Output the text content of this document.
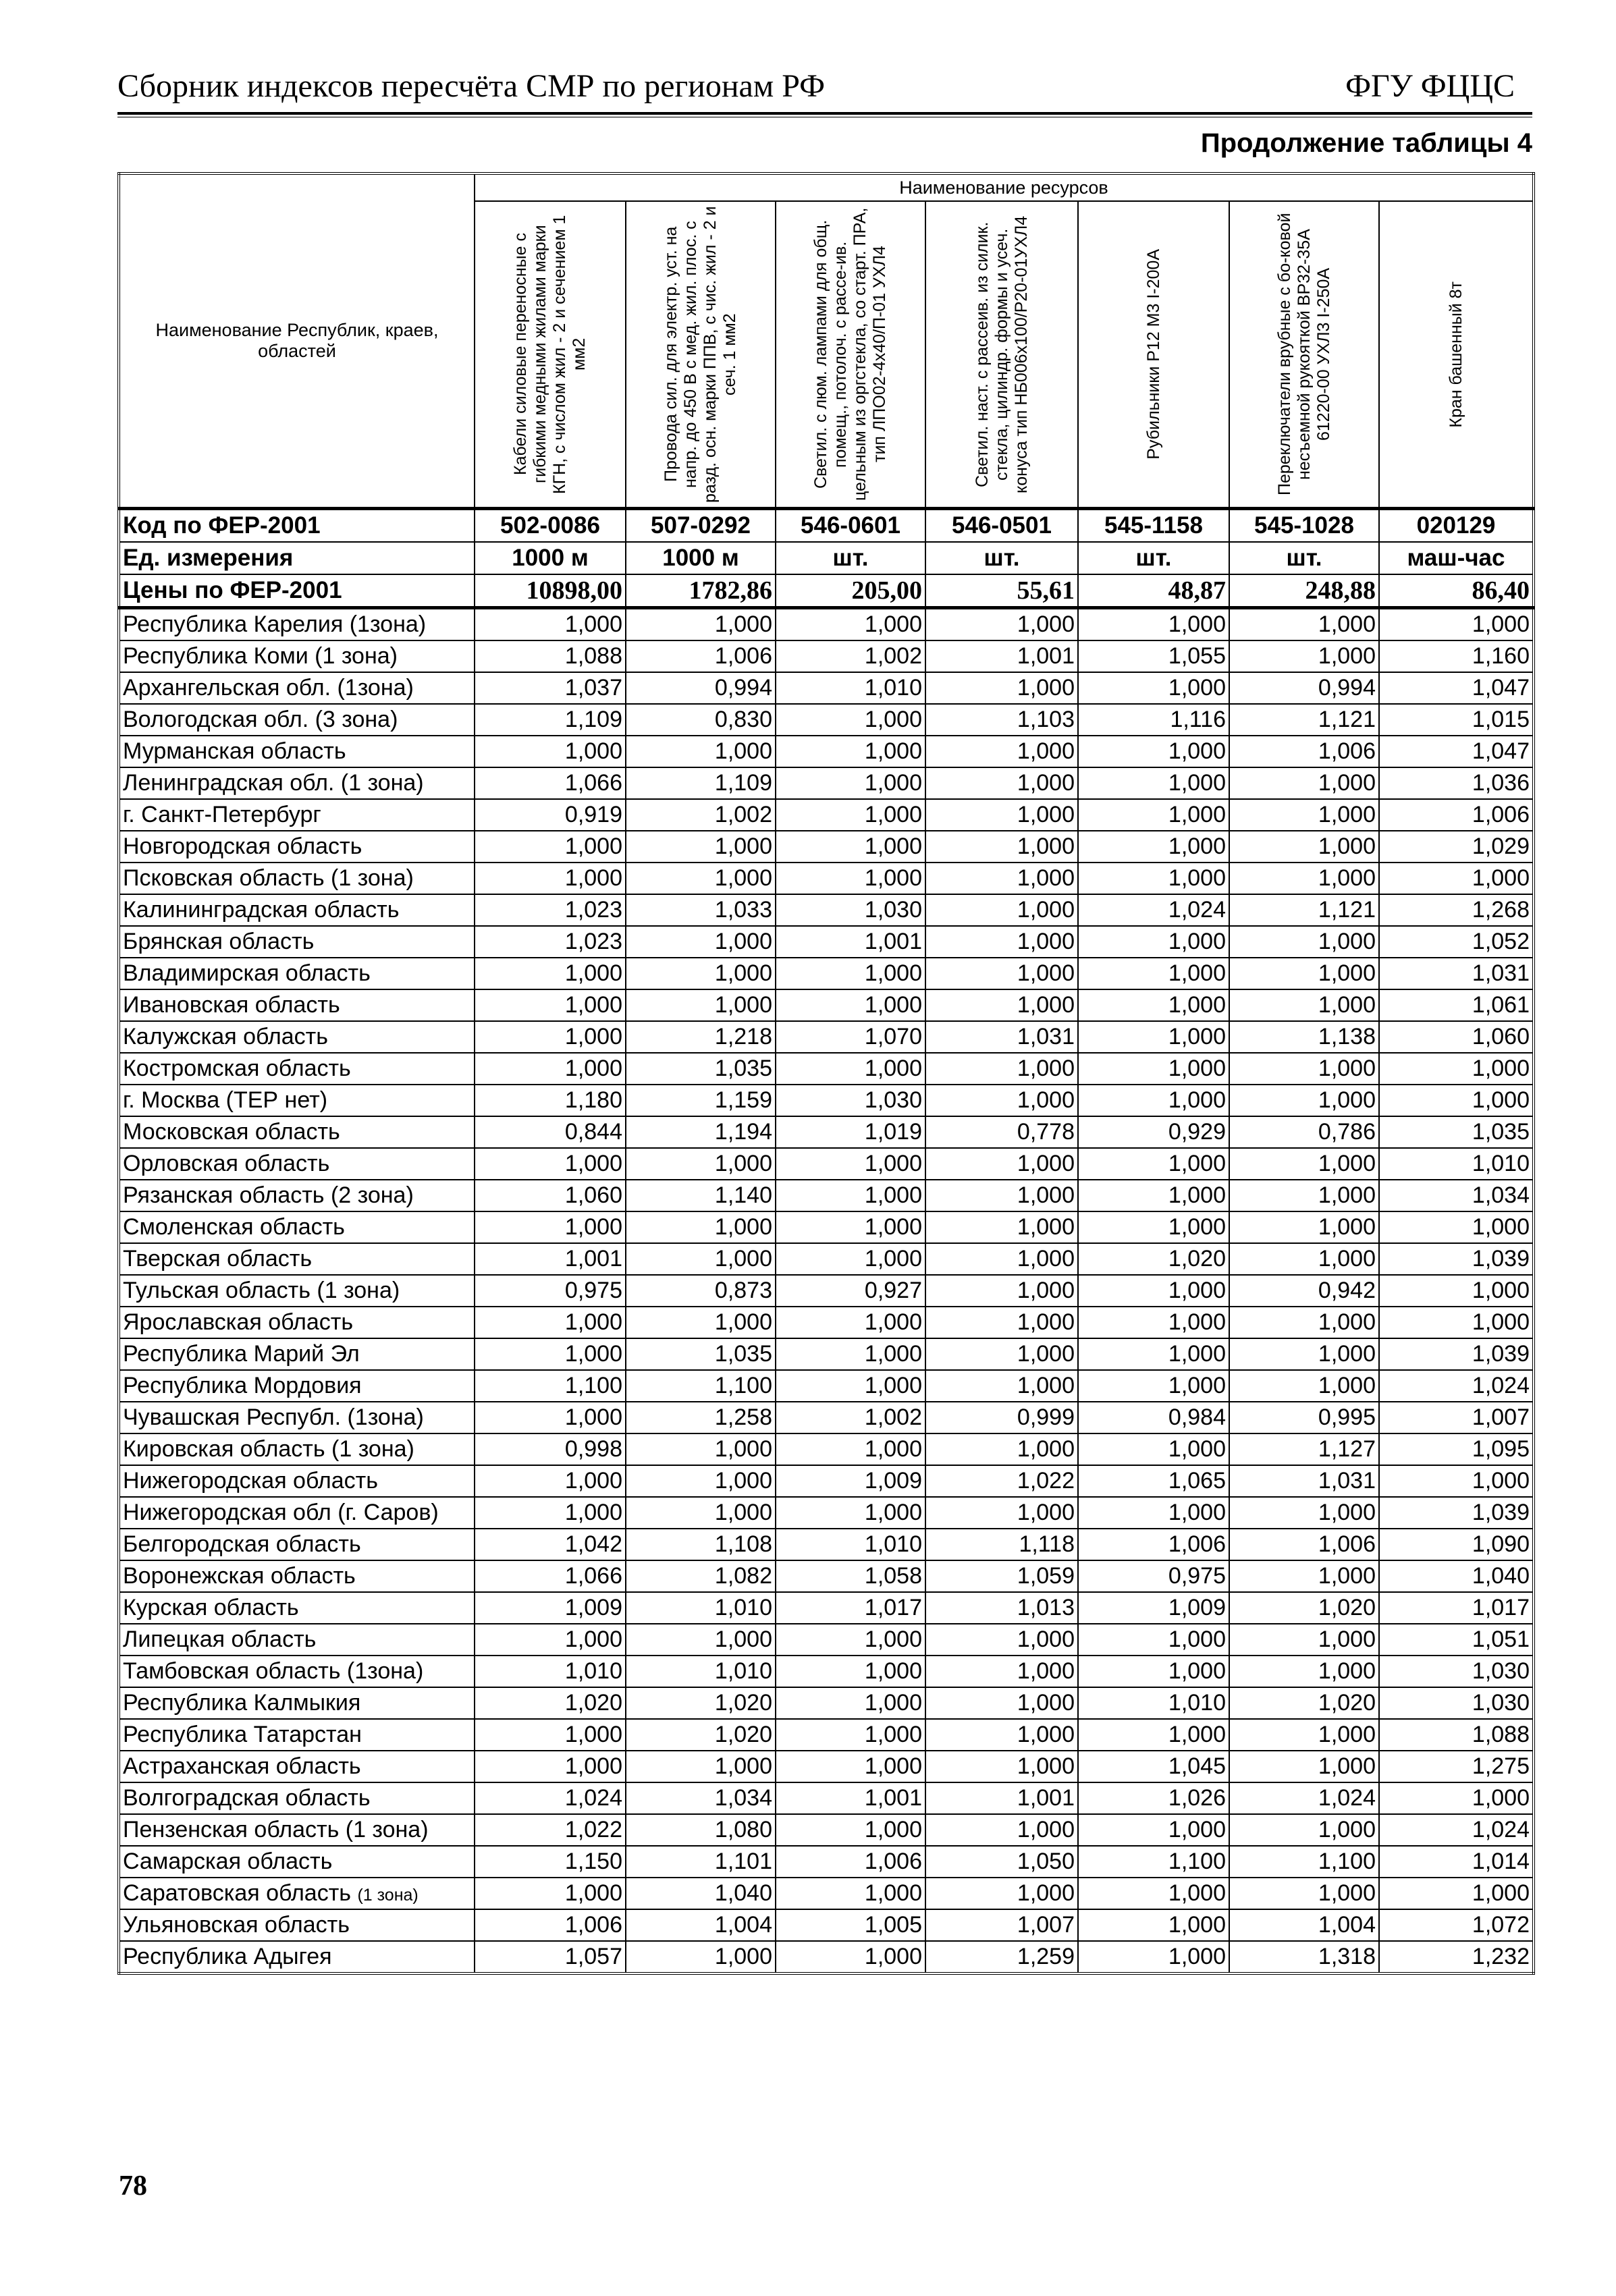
Сборник индексов пересчёта СМР по регионам РФ	ФГУ ФЦЦС
Продолжение таблицы 4
Наименование Республик, краев, областей	Наименование ресурсов						

	Кабели силовые переносные с гибкими медными жилами марки КГН, с числом жил - 2 и сечением 1 мм2	Провода сил. для электр. уст. на напр. до 450 В с мед. жил. плос. с разд. осн. марки ППВ, с чис. жил - 2 и сеч. 1 мм2	Светил. с люм. лампами для общ. помещ., потолоч. с рассе-ив. цельным из оргстекла, со старт. ПРА, тип ЛПО02-4х40/П-01 УХЛ4	Светил. наст. с рассеив. из силик. стекла, цилиндр. формы и усеч. конуса тип НБ006х100/Р20-01УХЛ4	Рубильники Р12 М3 I-200А	Переключатели врубные с бо-ковой несъемной рукояткой ВР32-35А 61220-00 УХЛ3 I-250А	Кран башенный 8т

Код по ФЕР-2001	502-0086	507-0292	546-0601	546-0501	545-1158	545-1028	020129
Ед. измерения	1000 м	1000 м	шт.	шт.	шт.	шт.	маш-час
Цены по ФЕР-2001	10898,00	1782,86	205,00	55,61	48,87	248,88	86,40
Республика Карелия (1зона)	1,000	1,000	1,000	1,000	1,000	1,000	1,000
Республика Коми (1 зона)	1,088	1,006	1,002	1,001	1,055	1,000	1,160
Архангельская обл. (1зона)	1,037	0,994	1,010	1,000	1,000	0,994	1,047
Вологодская обл. (3 зона)	1,109	0,830	1,000	1,103	1,116	1,121	1,015
Мурманская область	1,000	1,000	1,000	1,000	1,000	1,006	1,047
Ленинградская обл. (1 зона)	1,066	1,109	1,000	1,000	1,000	1,000	1,036
г. Санкт-Петербург	0,919	1,002	1,000	1,000	1,000	1,000	1,006
Новгородская область	1,000	1,000	1,000	1,000	1,000	1,000	1,029
Псковская область (1 зона)	1,000	1,000	1,000	1,000	1,000	1,000	1,000
Калининградская область	1,023	1,033	1,030	1,000	1,024	1,121	1,268
Брянская область	1,023	1,000	1,001	1,000	1,000	1,000	1,052
Владимирская область	1,000	1,000	1,000	1,000	1,000	1,000	1,031
Ивановская область	1,000	1,000	1,000	1,000	1,000	1,000	1,061
Калужская область	1,000	1,218	1,070	1,031	1,000	1,138	1,060
Костромская область	1,000	1,035	1,000	1,000	1,000	1,000	1,000
г. Москва (ТЕР нет)	1,180	1,159	1,030	1,000	1,000	1,000	1,000
Московская область	0,844	1,194	1,019	0,778	0,929	0,786	1,035
Орловская область	1,000	1,000	1,000	1,000	1,000	1,000	1,010
Рязанская область (2 зона)	1,060	1,140	1,000	1,000	1,000	1,000	1,034
Смоленская область	1,000	1,000	1,000	1,000	1,000	1,000	1,000
Тверская область	1,001	1,000	1,000	1,000	1,020	1,000	1,039
Тульская область (1 зона)	0,975	0,873	0,927	1,000	1,000	0,942	1,000
Ярославская область	1,000	1,000	1,000	1,000	1,000	1,000	1,000
Республика Марий Эл	1,000	1,035	1,000	1,000	1,000	1,000	1,039
Республика Мордовия	1,100	1,100	1,000	1,000	1,000	1,000	1,024
Чувашская Республ. (1зона)	1,000	1,258	1,002	0,999	0,984	0,995	1,007
Кировская область (1 зона)	0,998	1,000	1,000	1,000	1,000	1,127	1,095
Нижегородская область	1,000	1,000	1,009	1,022	1,065	1,031	1,000
Нижегородская обл (г. Саров)	1,000	1,000	1,000	1,000	1,000	1,000	1,039
Белгородская область	1,042	1,108	1,010	1,118	1,006	1,006	1,090
Воронежская область	1,066	1,082	1,058	1,059	0,975	1,000	1,040
Курская область	1,009	1,010	1,017	1,013	1,009	1,020	1,017
Липецкая область	1,000	1,000	1,000	1,000	1,000	1,000	1,051
Тамбовская область (1зона)	1,010	1,010	1,000	1,000	1,000	1,000	1,030
Республика Калмыкия	1,020	1,020	1,000	1,000	1,010	1,020	1,030
Республика Татарстан	1,000	1,020	1,000	1,000	1,000	1,000	1,088
Астраханская область	1,000	1,000	1,000	1,000	1,045	1,000	1,275
Волгоградская область	1,024	1,034	1,001	1,001	1,026	1,024	1,000
Пензенская область (1 зона)	1,022	1,080	1,000	1,000	1,000	1,000	1,024
Самарская область	1,150	1,101	1,006	1,050	1,100	1,100	1,014
Саратовская область (1 зона)	1,000	1,040	1,000	1,000	1,000	1,000	1,000
Ульяновская область	1,006	1,004	1,005	1,007	1,000	1,004	1,072
Республика Адыгея	1,057	1,000	1,000	1,259	1,000	1,318	1,232
78
